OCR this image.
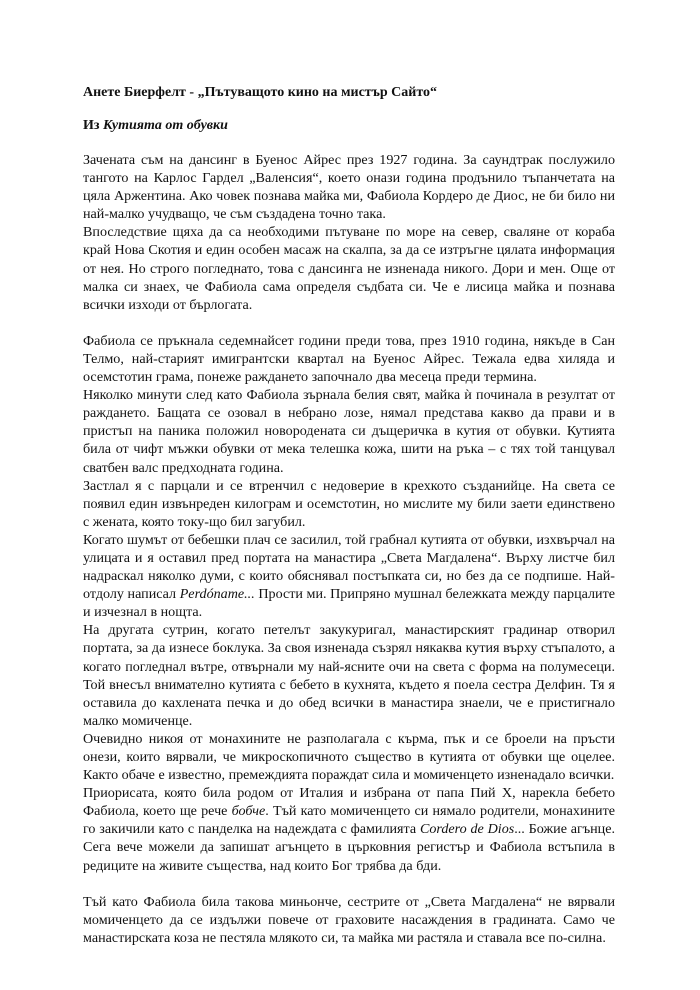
Анете Биерфелт - „Пътуващото кино на мистър Сайто“
Из Кутията от обувки

Зачената съм на дансинг в Буенос Айрес през 1927 година. За саундтрак послужило тангото на Карлос Гардел „Валенсия“, което онази година продънило тъпанчетата на цяла Аржентина. Ако човек познава майка ми, Фабиола Кордеро де Диос, не би било ни най-малко учудващо, че съм създадена точно така.

Впоследствие щяха да са необходими пътуване по море на север, сваляне от кораба край Нова Скотия и един особен масаж на скалпа, за да се изтръгне цялата информация от нея. Но строго погледнато, това с дансинга не изненада никого. Дори и мен. Още от малка си знаех, че Фабиола сама определя съдбата си. Че е лисица майка и познава всички изходи от бърлогата.

Фабиола се пръкнала седемнайсет години преди това, през 1910 година, някъде в Сан Телмо, най-старият имигрантски квартал на Буенос Айрес. Тежала едва хиляда и осемстотин грама, понеже раждането започнало два месеца преди термина.

Няколко минути след като Фабиола зърнала белия свят, майка ѝ починала в резултат от раждането. Бащата се озовал в небрано лозе, нямал представа какво да прави и в пристъп на паника положил новородената си дъщеричка в кутия от обувки. Кутията била от чифт мъжки обувки от мека телешка кожа, шити на ръка – с тях той танцувал сватбен валс предходната година.

Застлал я с парцали и се втренчил с недоверие в крехкото създанийце. На света се появил един извънреден килограм и осемстотин, но мислите му били заети единствено с жената, която току-що бил загубил.

Когато шумът от бебешки плач се засилил, той грабнал кутията от обувки, изхвърчал на улицата и я оставил пред портата на манастира „Света Магдалена“. Върху листче бил надраскал няколко думи, с които обяснявал постъпката си, но без да се подпише. Най-отдолу написал Perdóname... Прости ми. Припряно мушнал бележката между парцалите и изчезнал в нощта.

На другата сутрин, когато петелът закукуригал, манастирският градинар отворил портата, за да изнесе боклука. За своя изненада съзрял някаква кутия върху стъпалото, а когато погледнал вътре, отвърнали му най-ясните очи на света с форма на полумесеци. Той внесъл внимателно кутията с бебето в кухнята, където я поела сестра Делфин. Тя я оставила до кахлената печка и до обед всички в манастира знаели, че е пристигнало малко момиченце.

Очевидно никоя от монахините не разполагала с кърма, пък и се броели на пръсти онези, които вярвали, че микроскопичното същество в кутията от обувки ще оцелее. Както обаче е известно, премеждията пораждат сила и момиченцето изненадало всички.

Приорисата, която била родом от Италия и избрана от папа Пий X, нарекла бебето Фабиола, което ще рече бобче. Тъй като момиченцето си нямало родители, монахините го закичили като с панделка на надеждата с фамилията Cordero de Dios... Божие агънце. Сега вече можели да запишат агънцето в църковния регистър и Фабиола встъпила в редиците на живите същества, над които Бог трябва да бди.

Тъй като Фабиола била такова миньонче, сестрите от „Света Магдалена“ не вярвали момиченцето да се издължи повече от граховите насаждения в градината. Само че манастирската коза не пестяла млякото си, та майка ми растяла и ставала все по-силна.
